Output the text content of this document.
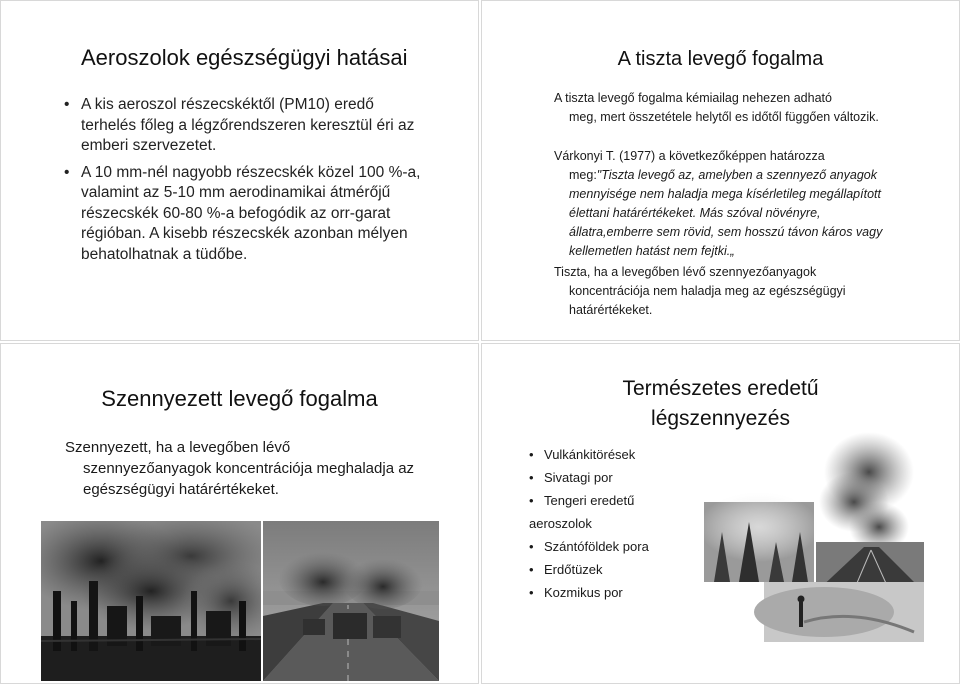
Aeroszolok egészségügyi hatásai
• A kis aeroszol részecskéktől (PM10) eredő terhelés főleg a légzőrendszeren keresztül éri az emberi szervezetet.
• A 10 mm-nél nagyobb részecskék közel 100 %-a, valamint az 5-10 mm aerodinamikai átmérőjű részecskék 60-80 %-a befogódik az orr-garat régióban. A kisebb részecskék azonban mélyen behatolhatnak a tüdőbe.
A tiszta levegő fogalma

A tiszta levegő fogalma kémiailag nehezen adható
meg, mert összetétele helytől es időtől függően változik.

Várkonyi T. (1977) a következőképpen határozza
meg:"Tiszta levegő az, amelyben a szennyező anyagok mennyisége nem haladja mega kísérletileg megállapított élettani határértékeket. Más szóval növényre, állatra,emberre sem rövid, sem hosszú távon káros vagy kellemetlen hatást nem fejtki.„

Tiszta, ha a levegőben lévő szennyezőanyagok
koncentrációja nem haladja meg az egészségügyi határértékeket.

Szennyezett levegő fogalma

Szennyezett, ha a levegőben lévő
szennyezőanyagok koncentrációja meghaladja az egészségügyi határértékeket.

Természetes eredetű
légszennyezés
• Vulkánkitörések
• Sivatagi por
• Tengeri eredetű
aeroszolok
• Szántóföldek pora
• Erdőtüzek
• Kozmikus por
